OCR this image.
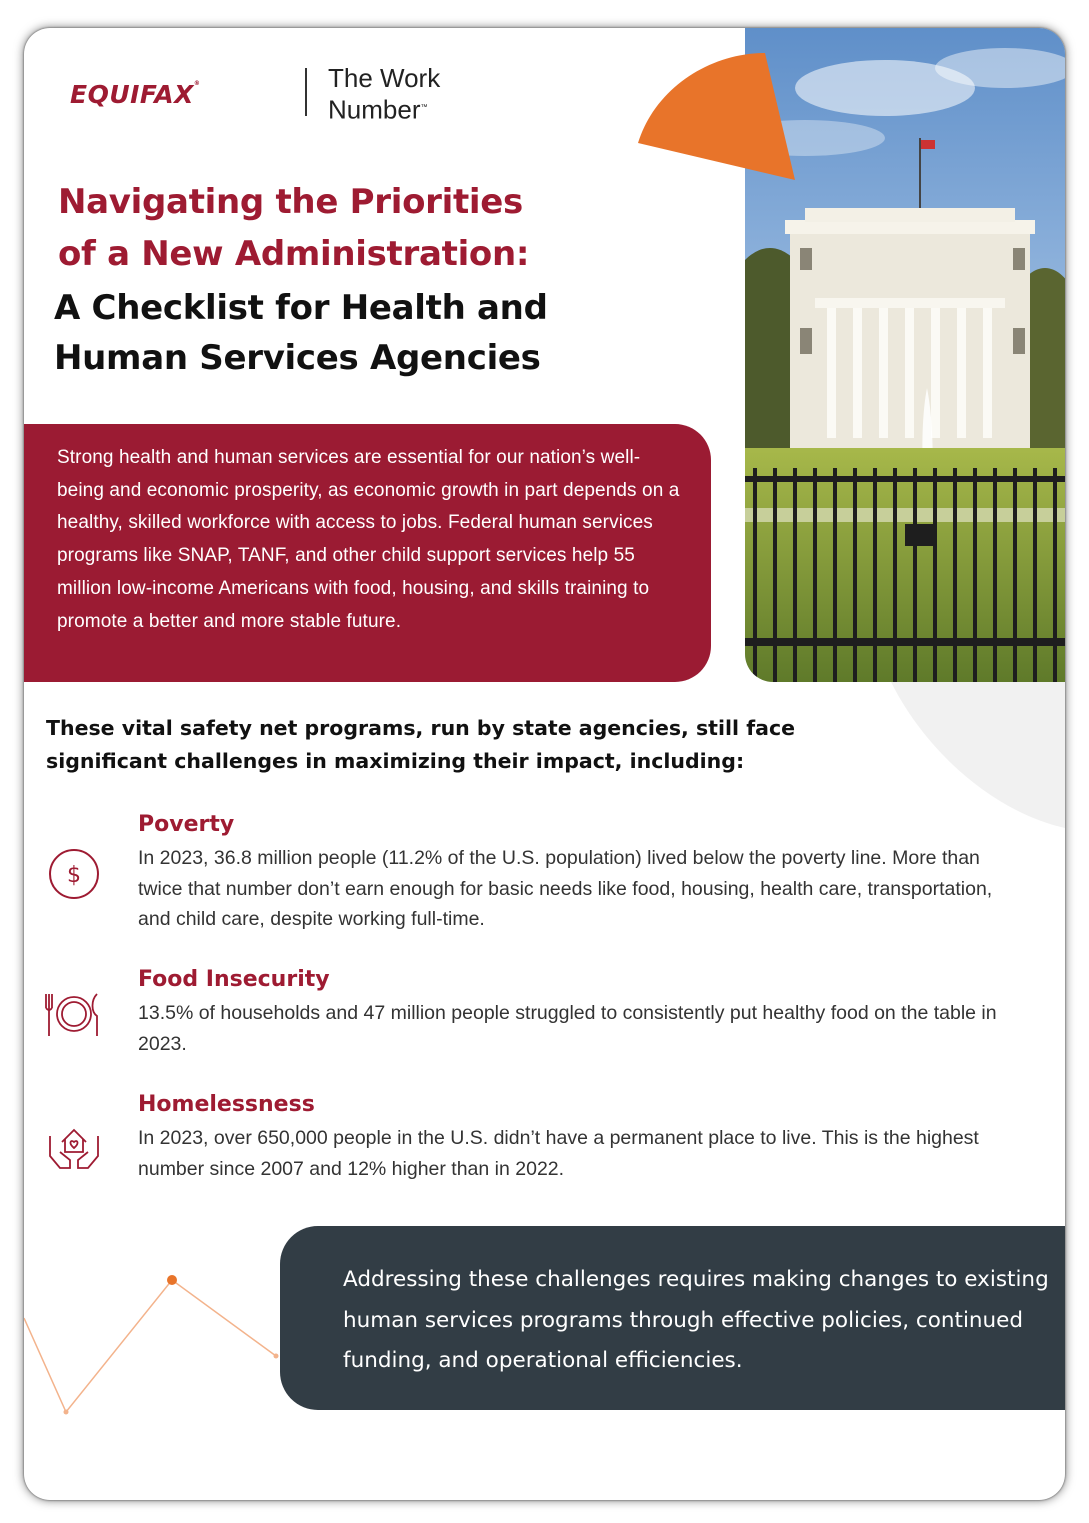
EQUIFAX®	The Work
Number™
Navigating the Priorities
of a New Administration:
A Checklist for Health and
Human Services Agencies

Strong health and human services are essential for our nation’s well-being and economic prosperity, as economic growth in part depends on a healthy, skilled workforce with access to jobs. Federal human services programs like SNAP, TANF, and other child support services help 55 million low-income Americans with food, housing, and skills training to promote a better and more stable future.

These vital safety net programs, run by state agencies, still face significant challenges in maximizing their impact, including:
$
Poverty
In 2023, 36.8 million people (11.2% of the U.S. population) lived below the poverty line. More than twice that number don’t earn enough for basic needs like food, housing, health care, transportation, and child care, despite working full-time.
Food Insecurity
13.5% of households and 47 million people struggled to consistently put healthy food on the table in 2023.
Homelessness
In 2023, over 650,000 people in the U.S. didn’t have a permanent place to live. This is the highest number since 2007 and 12% higher than in 2022.

Addressing these challenges requires making changes to existing human services programs through effective policies, continued funding, and operational efficiencies.
